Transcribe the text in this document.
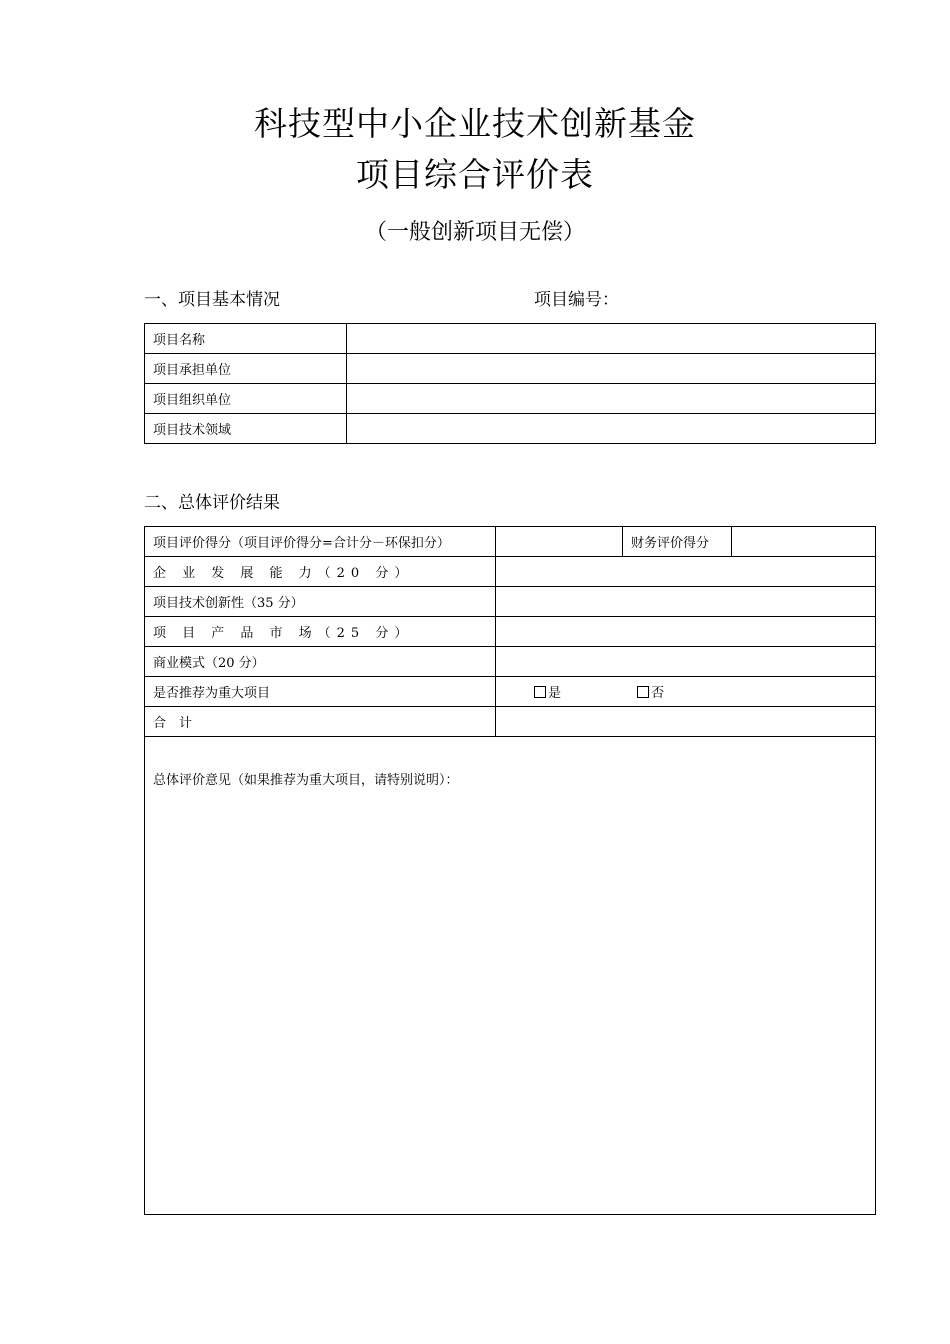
科技型中小企业技术创新基金
项目综合评价表
（一般创新项目无偿）
一、项目基本情况	项目编号：
项目名称	
项目承担单位	
项目组织单位	
项目技术领域	
二、总体评价结果
项目评价得分（项目评价得分=合计分－环保扣分）		财务评价得分	
企 业 发 展 能 力（20 分）			
项目技术创新性（35 分）			
项 目 产 品 市 场（25 分）			
商业模式（20 分）			
是否推荐为重大项目	是 否		
合　计			
总体评价意见（如果推荐为重大项目，请特别说明）：			
